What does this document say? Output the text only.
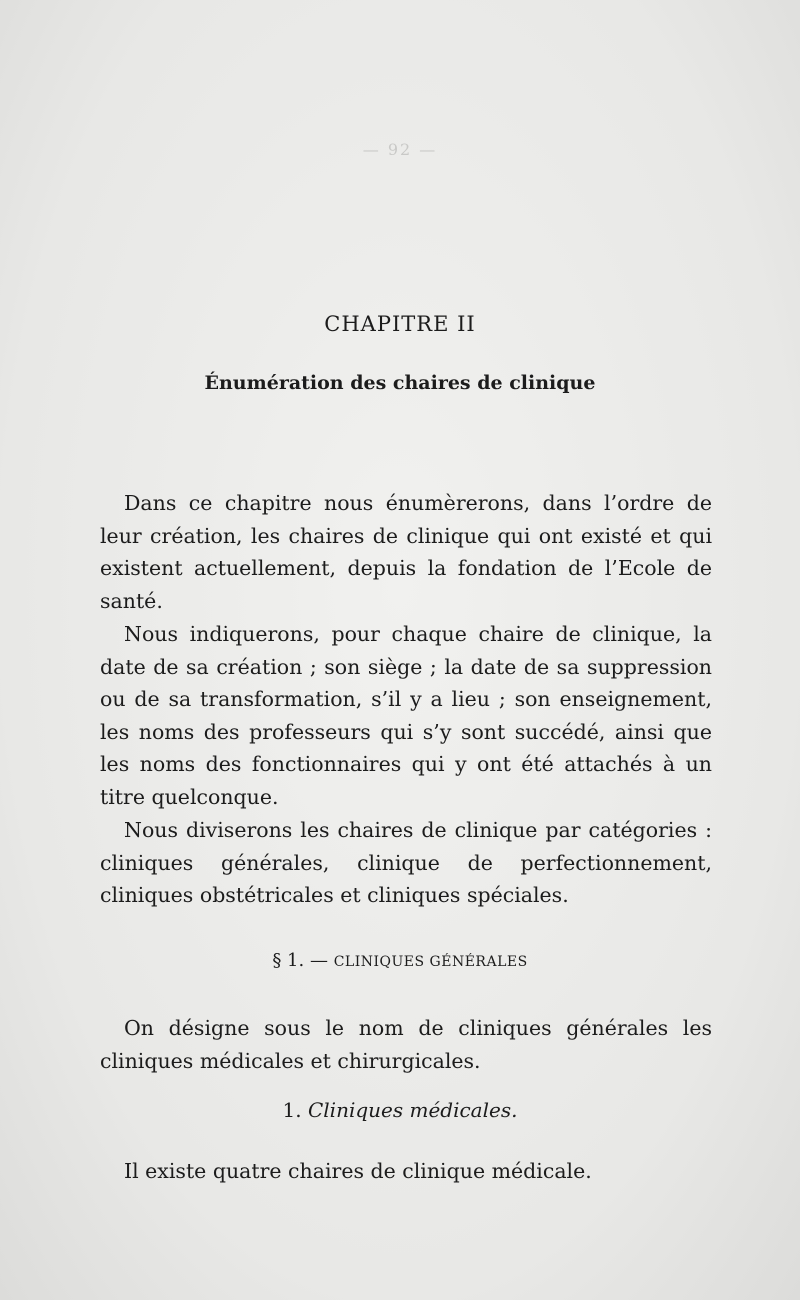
— 92 —
CHAPITRE II
Énumération des chaires de clinique

Dans ce chapitre nous énumèrerons, dans l’ordre de leur création, les chaires de clinique qui ont existé et qui existent actuellement, depuis la fondation de l’Ecole de santé.

Nous indiquerons, pour chaque chaire de clinique, la date de sa création ; son siège ; la date de sa suppression ou de sa transformation, s’il y a lieu ; son enseignement, les noms des professeurs qui s’y sont succédé, ainsi que les noms des fonctionnaires qui y ont été attachés à un titre quelconque.

Nous diviserons les chaires de clinique par catégories : cliniques générales, clinique de perfectionnement, cliniques obstétricales et cliniques spéciales.

§ 1. — CLINIQUES GÉNÉRALES

On désigne sous le nom de cliniques générales les cliniques médicales et chirurgicales.

1. Cliniques médicales.

Il existe quatre chaires de clinique médicale.
